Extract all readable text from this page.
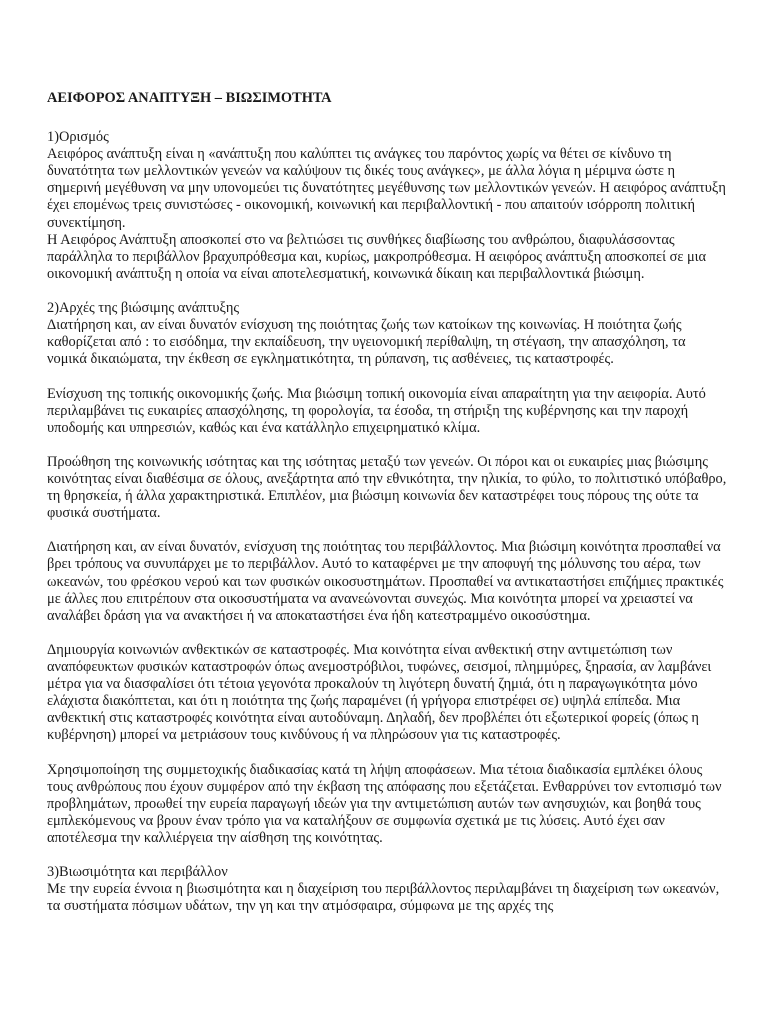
ΑΕΙΦΟΡΟΣ ΑΝΑΠΤΥΞΗ – ΒΙΩΣΙΜΟΤΗΤΑ

1)Ορισμός

Αειφόρος ανάπτυξη είναι η «ανάπτυξη που καλύπτει τις ανάγκες του παρόντος χωρίς να θέτει σε κίνδυνο τη δυνατότητα των μελλοντικών γενεών να καλύψουν τις δικές τους ανάγκες», με άλλα λόγια η μέριμνα ώστε η σημερινή μεγέθυνση να μην υπονομεύει τις δυνατότητες μεγέθυνσης των μελλοντικών γενεών. Η αειφόρος ανάπτυξη έχει επομένως τρεις συνιστώσες - οικονομική, κοινωνική και περιβαλλοντική - που απαιτούν ισόρροπη πολιτική συνεκτίμηση.

Η Αειφόρος Ανάπτυξη αποσκοπεί στο να βελτιώσει τις συνθήκες διαβίωσης του ανθρώπου, διαφυλάσσοντας παράλληλα το περιβάλλον βραχυπρόθεσμα και, κυρίως, μακροπρόθεσμα. Η αειφόρος ανάπτυξη αποσκοπεί σε μια οικονομική ανάπτυξη η οποία να είναι αποτελεσματική, κοινωνικά δίκαιη και περιβαλλοντικά βιώσιμη.

2)Αρχές της βιώσιμης ανάπτυξης

Διατήρηση και, αν είναι δυνατόν ενίσχυση της ποιότητας ζωής των κατοίκων της κοινωνίας. Η ποιότητα ζωής καθορίζεται από : το εισόδημα, την εκπαίδευση, την υγειονομική περίθαλψη, τη στέγαση, την απασχόληση, τα νομικά δικαιώματα, την έκθεση σε εγκληματικότητα, τη ρύπανση, τις ασθένειες, τις καταστροφές.

Ενίσχυση της τοπικής οικονομικής ζωής. Μια βιώσιμη τοπική οικονομία είναι απαραίτητη για την αειφορία. Αυτό περιλαμβάνει τις ευκαιρίες απασχόλησης, τη φορολογία, τα έσοδα, τη στήριξη της κυβέρνησης και την παροχή υποδομής και υπηρεσιών, καθώς και ένα κατάλληλο επιχειρηματικό κλίμα.

Προώθηση της κοινωνικής ισότητας και της ισότητας μεταξύ των γενεών. Οι πόροι και οι ευκαιρίες μιας βιώσιμης κοινότητας είναι διαθέσιμα σε όλους, ανεξάρτητα από την εθνικότητα, την ηλικία, το φύλο, το πολιτιστικό υπόβαθρο, τη θρησκεία, ή άλλα χαρακτηριστικά. Επιπλέον, μια βιώσιμη κοινωνία δεν καταστρέφει τους πόρους της ούτε τα φυσικά συστήματα.

Διατήρηση και, αν είναι δυνατόν, ενίσχυση της ποιότητας του περιβάλλοντος. Μια βιώσιμη κοινότητα προσπαθεί να βρει τρόπους να συνυπάρχει με το περιβάλλον. Αυτό το καταφέρνει με την αποφυγή της μόλυνσης του αέρα, των ωκεανών, του φρέσκου νερού και των φυσικών οικοσυστημάτων. Προσπαθεί να αντικαταστήσει επιζήμιες πρακτικές με άλλες που επιτρέπουν στα οικοσυστήματα να ανανεώνονται συνεχώς. Μια κοινότητα μπορεί να χρειαστεί να αναλάβει δράση για να ανακτήσει ή να αποκαταστήσει ένα ήδη κατεστραμμένο οικοσύστημα.

Δημιουργία κοινωνιών ανθεκτικών σε καταστροφές. Μια κοινότητα είναι ανθεκτική στην αντιμετώπιση των αναπόφευκτων φυσικών καταστροφών όπως ανεμοστρόβιλοι, τυφώνες, σεισμοί, πλημμύρες, ξηρασία, αν λαμβάνει μέτρα για να διασφαλίσει ότι τέτοια γεγονότα προκαλούν τη λιγότερη δυνατή ζημιά, ότι η παραγωγικότητα μόνο ελάχιστα διακόπτεται, και ότι η ποιότητα της ζωής παραμένει (ή γρήγορα επιστρέφει σε) υψηλά επίπεδα. Μια ανθεκτική στις καταστροφές κοινότητα είναι αυτοδύναμη. Δηλαδή, δεν προβλέπει ότι εξωτερικοί φορείς (όπως η κυβέρνηση) μπορεί να μετριάσουν τους κινδύνους ή να πληρώσουν για τις καταστροφές.

Χρησιμοποίηση της συμμετοχικής διαδικασίας κατά τη λήψη αποφάσεων. Μια τέτοια διαδικασία εμπλέκει όλους τους ανθρώπους που έχουν συμφέρον από την έκβαση της απόφασης που εξετάζεται. Ενθαρρύνει τον εντοπισμό των προβλημάτων, προωθεί την ευρεία παραγωγή ιδεών για την αντιμετώπιση αυτών των ανησυχιών, και βοηθά τους εμπλεκόμενους να βρουν έναν τρόπο για να καταλήξουν σε συμφωνία σχετικά με τις λύσεις. Αυτό έχει σαν αποτέλεσμα την καλλιέργεια την αίσθηση της κοινότητας.

3)Βιωσιμότητα και περιβάλλον

Με την ευρεία έννοια η βιωσιμότητα και η διαχείριση του περιβάλλοντος περιλαμβάνει τη διαχείριση των ωκεανών, τα συστήματα πόσιμων υδάτων, την γη και την ατμόσφαιρα, σύμφωνα με της αρχές της
